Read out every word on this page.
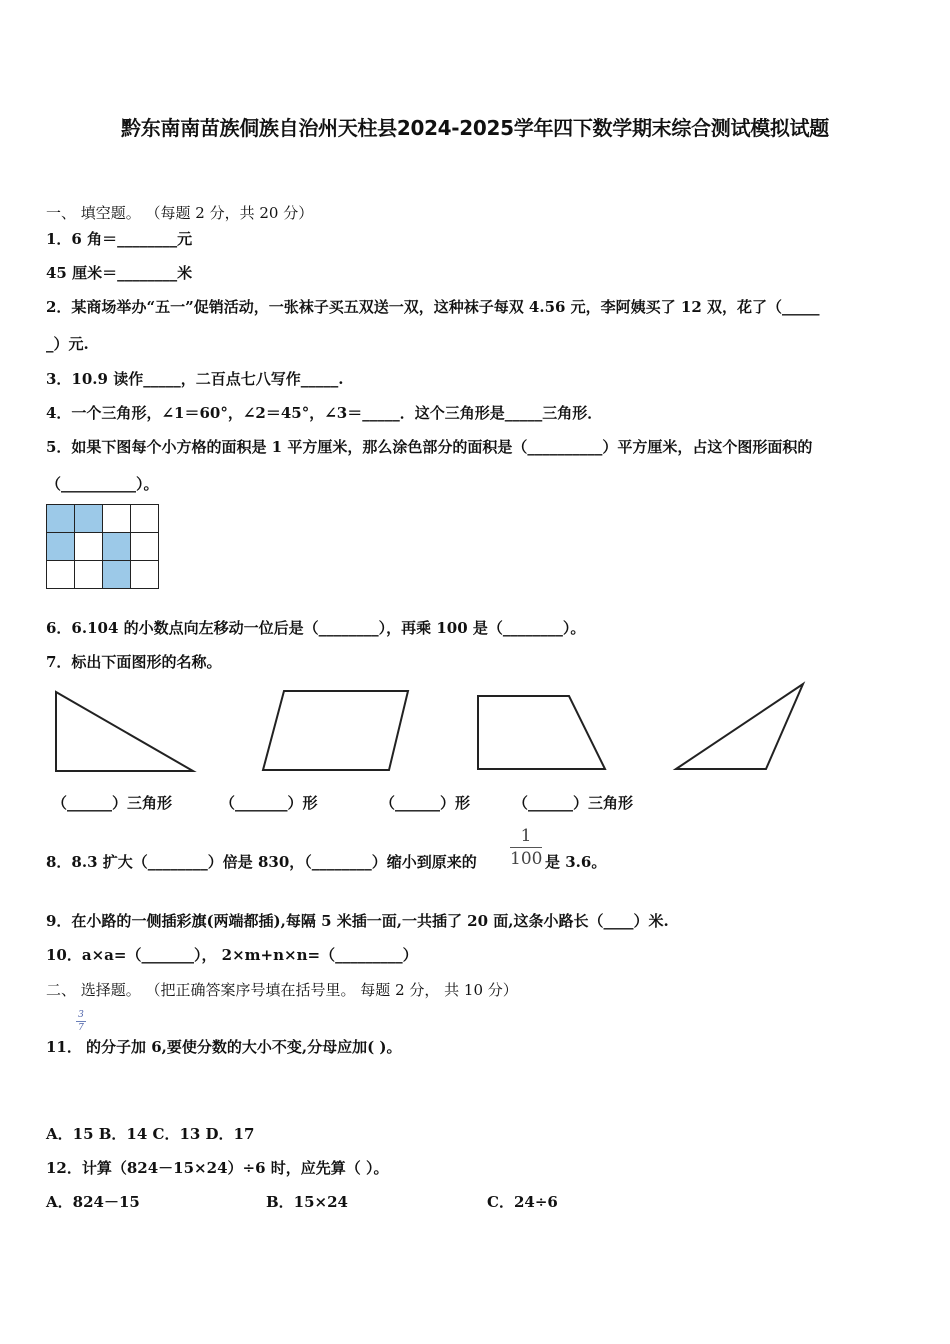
黔东南南苗族侗族自治州天柱县2024-2025学年四下数学期末综合测试模拟试题
一、 填空题。 （每题 2 分，共 20 分）
1．6 角＝________元
45 厘米＝________米
2．某商场举办“五一”促销活动，一张袜子买五双送一双，这种袜子每双 4.56 元，李阿姨买了 12 双，花了（_____
_）元.
3．10.9 读作_____，二百点七八写作_____.
4．一个三角形，∠1＝60°，∠2＝45°，∠3＝_____．这个三角形是_____三角形．
5．如果下图每个小方格的面积是 1 平方厘米，那么涂色部分的面积是（__________）平方厘米，占这个图形面积的
（__________）。
6．6.104 的小数点向左移动一位后是（________），再乘 100 是（________）。
7．标出下面图形的名称。
（______）三角形	（_______）形	（______）形	（______）三角形
8．8.3 扩大（________）倍是 830，（________）缩小到原来的
1
100 是 3.6。
9．在小路的一侧插彩旗(两端都插),每隔 5 米插一面,一共插了 20 面,这条小路长（____）米.
10．a×a=（_______）， 2×m+n×n=（_________）
二、 选择题。 （把正确答案序号填在括号里。 每题 2 分， 共 10 分）
11．
3
7
的分子加 6,要使分数的大小不变,分母应加( )。
A．15 B．14 C．13 D．17
12．计算（824－15×24）÷6 时，应先算（ ）。
A．824－15	B．15×24	C．24÷6
